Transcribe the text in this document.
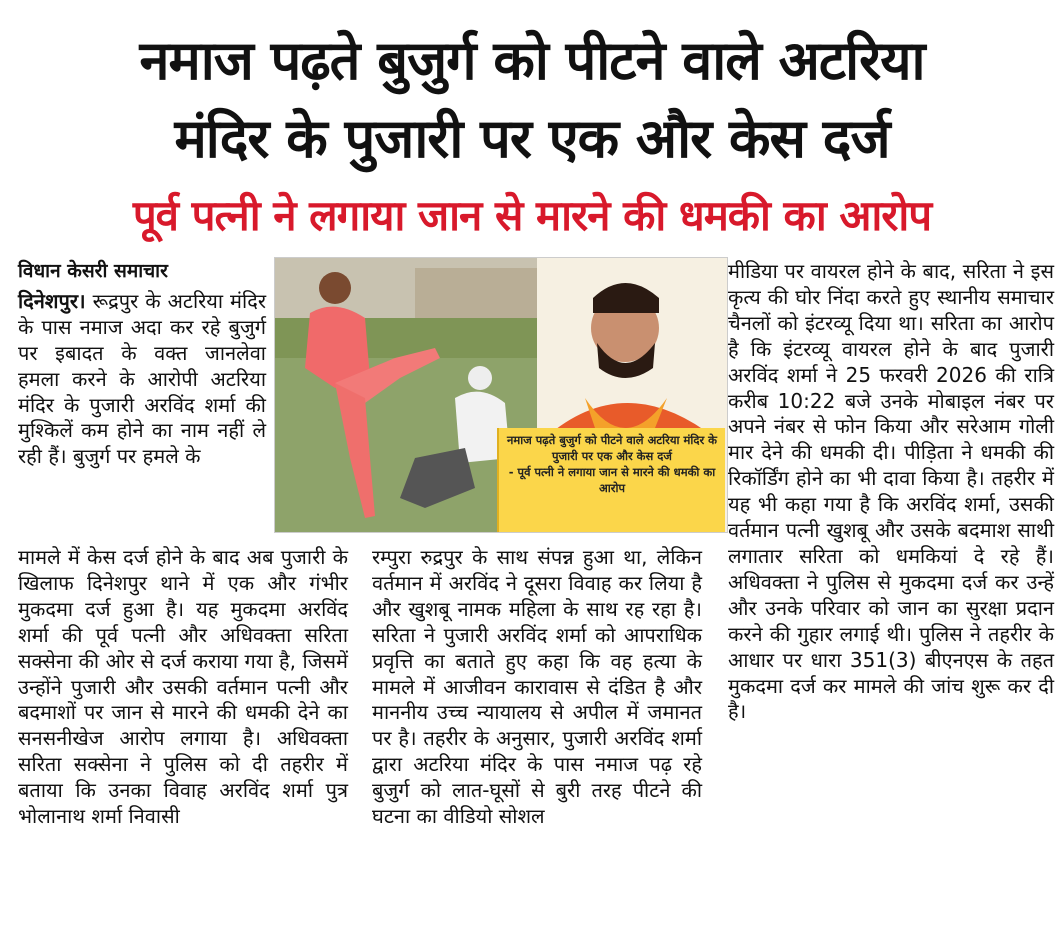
नमाज पढ़ते बुजुर्ग को पीटने वाले अटरिया
मंदिर के पुजारी पर एक और केस दर्ज
पूर्व पत्नी ने लगाया जान से मारने की धमकी का आरोप

विधान केसरी समाचार

दिनेशपुर। रूद्रपुर के अटरिया मंदिर के पास नमाज अदा कर रहे बुजुर्ग पर इबादत के वक्त जानलेवा हमला करने के आरोपी अटरिया मंदिर के पुजारी अरविंद शर्मा की मुश्किलें कम होने का नाम नहीं ले रही हैं। बुजुर्ग पर हमले के

नमाज पढ़ते बुजुर्ग को पीटने वाले अटरिया मंदिर के पुजारी पर एक और केस दर्ज

- पूर्व पत्नी ने लगाया जान से मारने की धमकी का आरोप

मामले में केस दर्ज होने के बाद अब पुजारी के खिलाफ दिनेशपुर थाने में एक और गंभीर मुकदमा दर्ज हुआ है। यह मुकदमा अरविंद शर्मा की पूर्व पत्नी और अधिवक्ता सरिता सक्सेना की ओर से दर्ज कराया गया है, जिसमें उन्होंने पुजारी और उसकी वर्तमान पत्नी और बदमाशों पर जान से मारने की धमकी देने का सनसनीखेज आरोप लगाया है। अधिवक्ता सरिता सक्सेना ने पुलिस को दी तहरीर में बताया कि उनका विवाह अरविंद शर्मा पुत्र भोलानाथ शर्मा निवासी

रम्पुरा रुद्रपुर के साथ संपन्न हुआ था, लेकिन वर्तमान में अरविंद ने दूसरा विवाह कर लिया है और खुशबू नामक महिला के साथ रह रहा है। सरिता ने पुजारी अरविंद शर्मा को आपराधिक प्रवृत्ति का बताते हुए कहा कि वह हत्या के मामले में आजीवन कारावास से दंडित है और माननीय उच्च न्यायालय से अपील में जमानत पर है। तहरीर के अनुसार, पुजारी अरविंद शर्मा द्वारा अटरिया मंदिर के पास नमाज पढ़ रहे बुजुर्ग को लात-घूसों से बुरी तरह पीटने की घटना का वीडियो सोशल

मीडिया पर वायरल होने के बाद, सरिता ने इस कृत्य की घोर निंदा करते हुए स्थानीय समाचार चैनलों को इंटरव्यू दिया था। सरिता का आरोप है कि इंटरव्यू वायरल होने के बाद पुजारी अरविंद शर्मा ने 25 फरवरी 2026 की रात्रि करीब 10:22 बजे उनके मोबाइल नंबर पर अपने नंबर से फोन किया और सरेआम गोली मार देने की धमकी दी। पीड़िता ने धमकी की रिकॉर्डिंग होने का भी दावा किया है। तहरीर में यह भी कहा गया है कि अरविंद शर्मा, उसकी वर्तमान पत्नी खुशबू और उसके बदमाश साथी लगातार सरिता को धमकियां दे रहे हैं। अधिवक्ता ने पुलिस से मुकदमा दर्ज कर उन्हें और उनके परिवार को जान का सुरक्षा प्रदान करने की गुहार लगाई थी। पुलिस ने तहरीर के आधार पर धारा 351(3) बीएनएस के तहत मुकदमा दर्ज कर मामले की जांच शुरू कर दी है।
